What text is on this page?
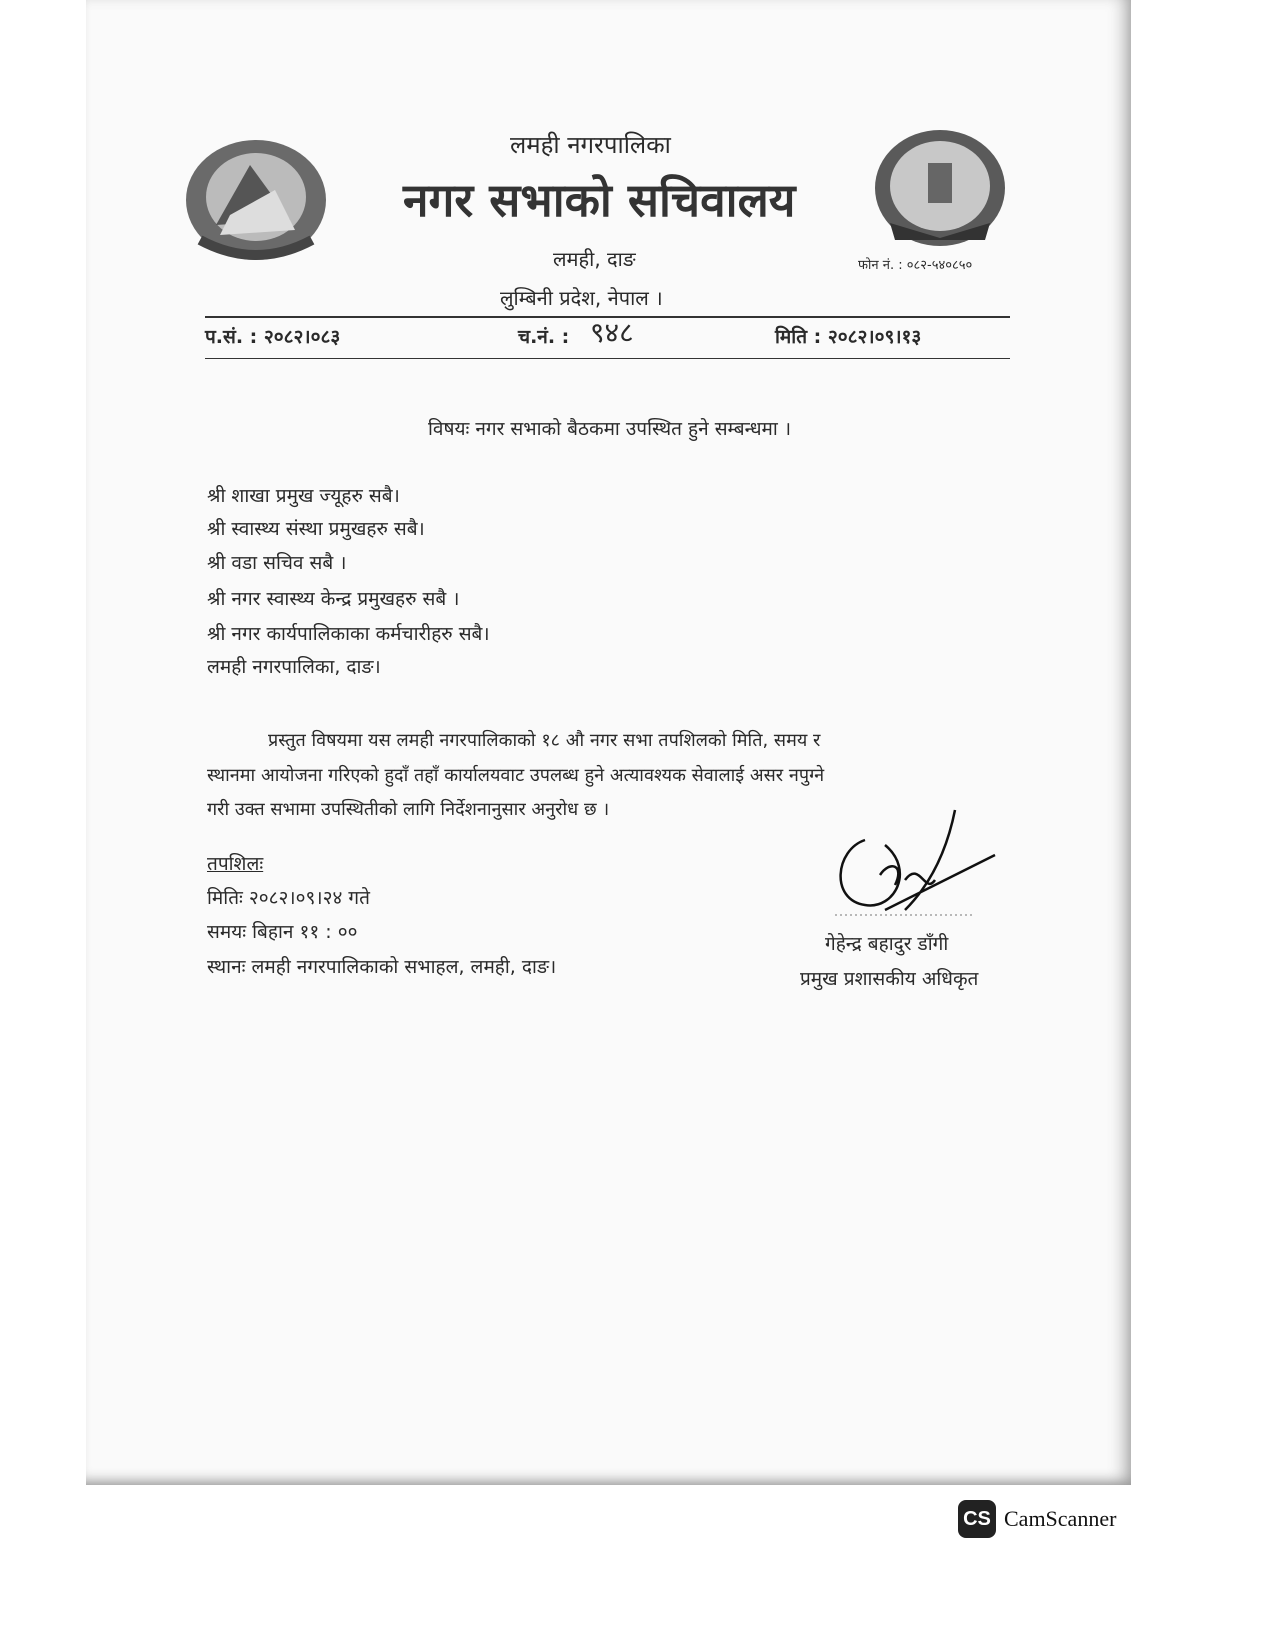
लमही नगरपालिका
नगर सभाको सचिवालय
लमही, दाङ
लुम्बिनी प्रदेश, नेपाल ।
फोन नं. : ०८२-५४०८५०
प.सं. : २०८२।०८३	च.नं. : ९४८	मिति : २०८२।०९।१३
विषयः नगर सभाको बैठकमा उपस्थित हुने सम्बन्धमा ।
श्री शाखा प्रमुख ज्यूहरु सबै।
श्री स्वास्थ्य संस्था प्रमुखहरु सबै।
श्री वडा सचिव सबै ।
श्री नगर स्वास्थ्य केन्द्र प्रमुखहरु सबै ।
श्री नगर कार्यपालिकाका कर्मचारीहरु सबै।
लमही नगरपालिका, दाङ।
प्रस्तुत विषयमा यस लमही नगरपालिकाको १८ औ नगर सभा तपशिलको मिति, समय र
स्थानमा आयोजना गरिएको हुदाँ तहाँ कार्यालयवाट उपलब्ध हुने अत्यावश्यक सेवालाई असर नपुग्ने
गरी उक्त सभामा उपस्थितीको लागि निर्देशनानुसार अनुरोध छ ।
तपशिलः
मितिः २०८२।०९।२४ गते
समयः बिहान ११ : ००
स्थानः लमही नगरपालिकाको सभाहल, लमही, दाङ।
गेहेन्द्र बहादुर डाँगी
प्रमुख प्रशासकीय अधिकृत
CS CamScanner
